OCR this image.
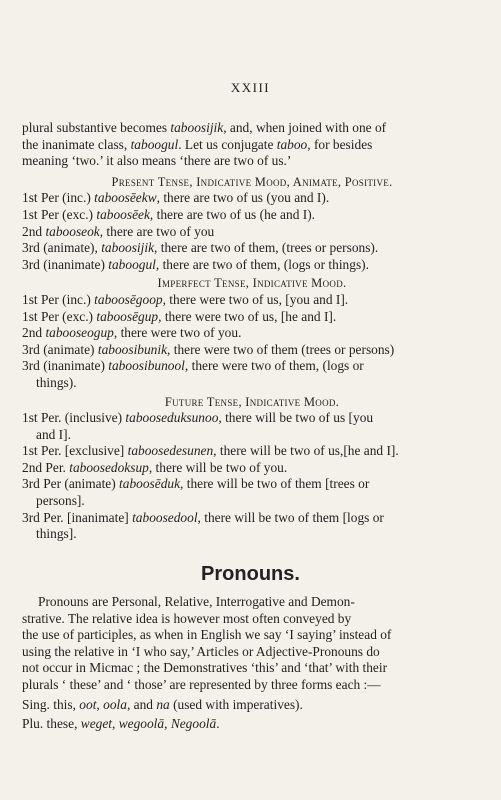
XXIII
plural substantive becomes taboosijik, and, when joined with one of
the inanimate class, taboogul. Let us conjugate taboo, for besides
meaning ‘two.’ it also means ‘there are two of us.’
Present Tense, Indicative Mood, Animate, Positive.
1st Per (inc.) taboosēekw, there are two of us (you and I).
1st Per (exc.) taboosēek, there are two of us (he and I).
2nd tabooseok, there are two of you
3rd (animate), taboosijik, there are two of them, (trees or persons).
3rd (inanimate) taboogul, there are two of them, (logs or things).
Imperfect Tense, Indicative Mood.
1st Per (inc.) taboosēgoop, there were two of us, [you and I].
1st Per (exc.) taboosēgup, there were two of us, [he and I].
2nd tabooseogup, there were two of you.
3rd (animate) taboosibunik, there were two of them (trees or persons)
3rd (inanimate) taboosibunool, there were two of them, (logs or
things).
Future Tense, Indicative Mood.
1st Per. (inclusive) tabooseduksunoo, there will be two of us [you
and I].
1st Per. [exclusive] taboosedesunen, there will be two of us,[he and I].
2nd Per. taboosedoksup, there will be two of you.
3rd Per (animate) taboosēduk, there will be two of them [trees or
persons].
3rd Per. [inanimate] taboosedool, there will be two of them [logs or
things].
Pronouns.
Pronouns are Personal, Relative, Interrogative and Demon-
strative. The relative idea is however most often conveyed by
the use of participles, as when in English we say ‘I saying’ instead of
using the relative in ‘I who say,’ Articles or Adjective-Pronouns do
not occur in Micmac ; the Demonstratives ‘this’ and ‘that’ with their
plurals ‘ these’ and ‘ those’ are represented by three forms each :—
Sing. this, oot, oola, and na (used with imperatives).
Plu. these, weget, wegoolā, Negoolā.
